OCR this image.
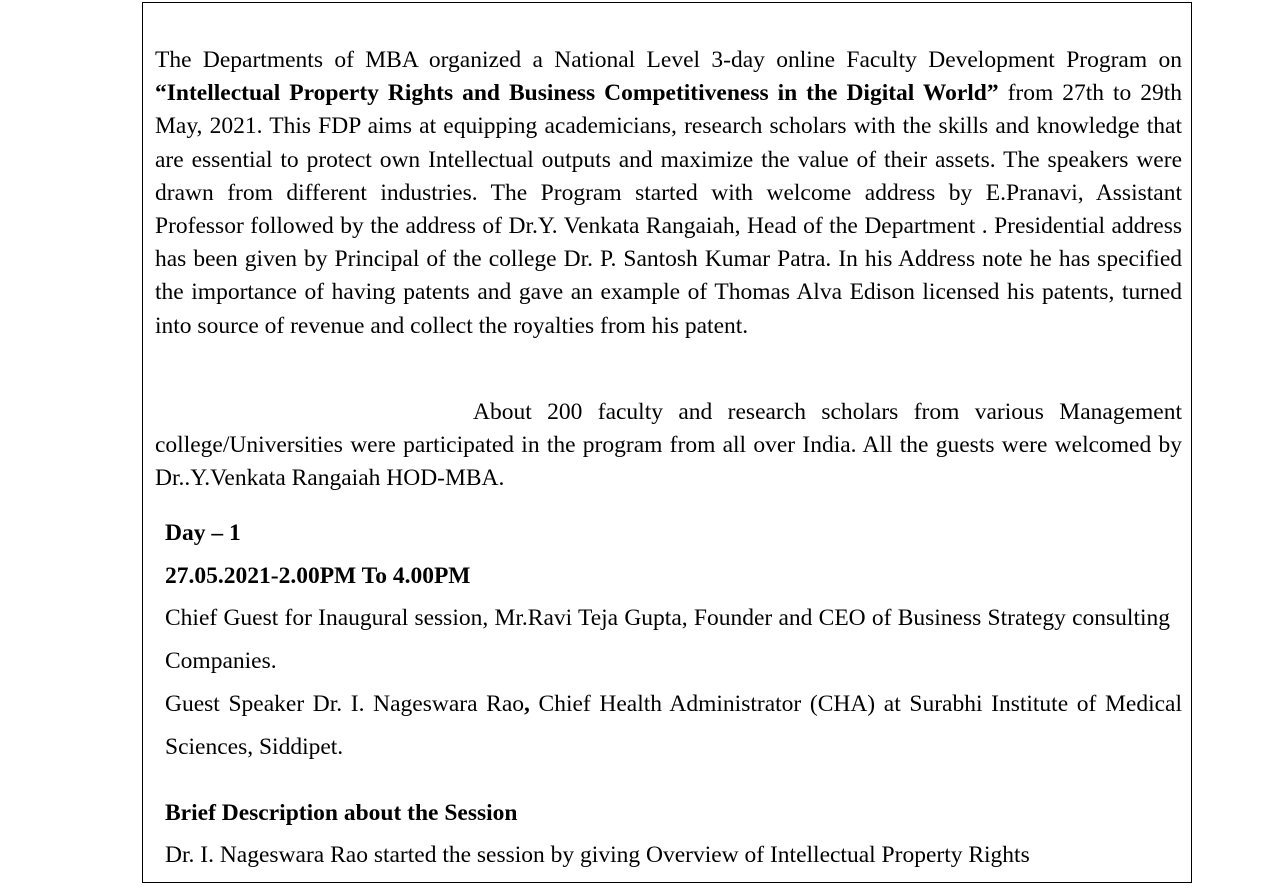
The Departments of MBA organized a National Level 3-day online Faculty Development Program on “Intellectual Property Rights and Business Competitiveness in the Digital World” from 27th to 29th May, 2021. This FDP aims at equipping academicians, research scholars with the skills and knowledge that are essential to protect own Intellectual outputs and maximize the value of their assets. The speakers were drawn from different industries. The Program started with welcome address by E.Pranavi, Assistant Professor followed by the address of Dr.Y. Venkata Rangaiah, Head of the Department . Presidential address has been given by Principal of the college Dr. P. Santosh Kumar Patra. In his Address note he has specified the importance of having patents and gave an example of Thomas Alva Edison licensed his patents, turned into source of revenue and collect the royalties from his patent.

About 200 faculty and research scholars from various Management college/Universities were participated in the program from all over India. All the guests were welcomed by Dr..Y.Venkata Rangaiah HOD-MBA.

Day – 1
27.05.2021-2.00PM To 4.00PM

Chief Guest for Inaugural session, Mr.Ravi Teja Gupta, Founder and CEO of Business Strategy consulting Companies.

Guest Speaker Dr. I. Nageswara Rao, Chief Health Administrator (CHA) at Surabhi Institute of Medical Sciences, Siddipet.

Brief Description about the Session

Dr. I. Nageswara Rao started the session by giving Overview of Intellectual Property Rights
